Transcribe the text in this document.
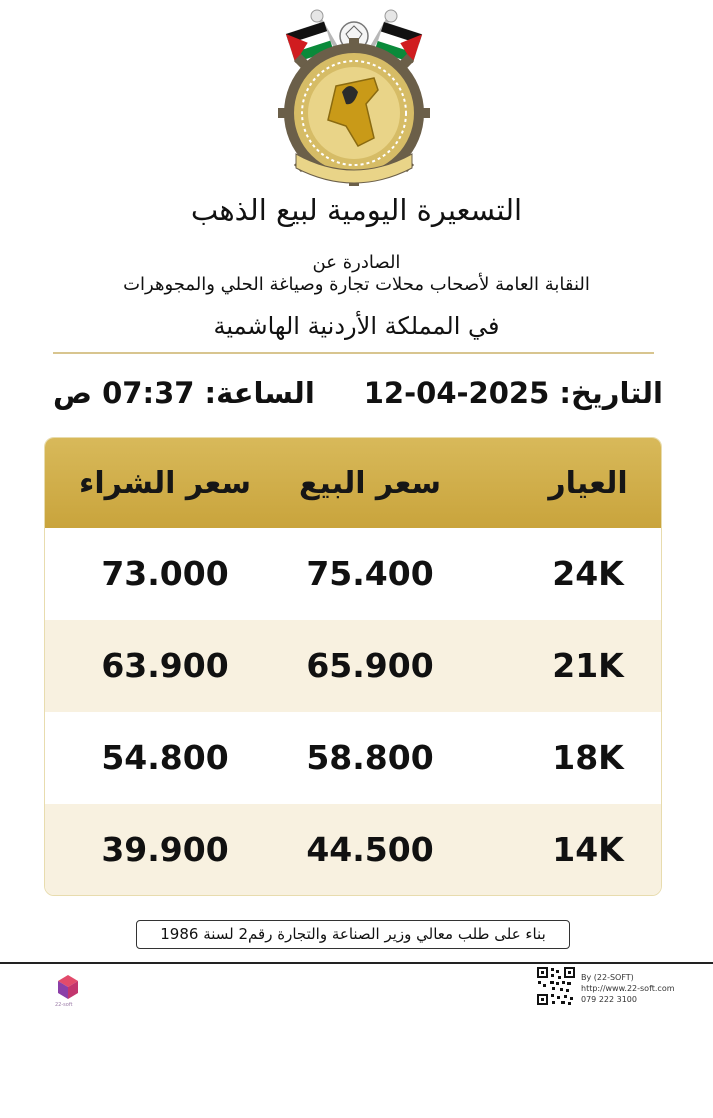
التسعيرة اليومية لبيع الذهب
الصادرة عن
النقابة العامة لأصحاب محلات تجارة وصياغة الحلي والمجوهرات
في المملكة الأردنية الهاشمية
التاريخ: 12-04-2025
الساعة: 07:37 ص
العيار
سعر البيع
سعر الشراء
24K
75.400
73.000
21K
65.900
63.900
18K
58.800
54.800
14K
44.500
39.900
بناء على طلب معالي وزير الصناعة والتجارة رقم2 لسنة 1986
22-soft
By (22-SOFT)
http://www.22-soft.com
079 222 3100
